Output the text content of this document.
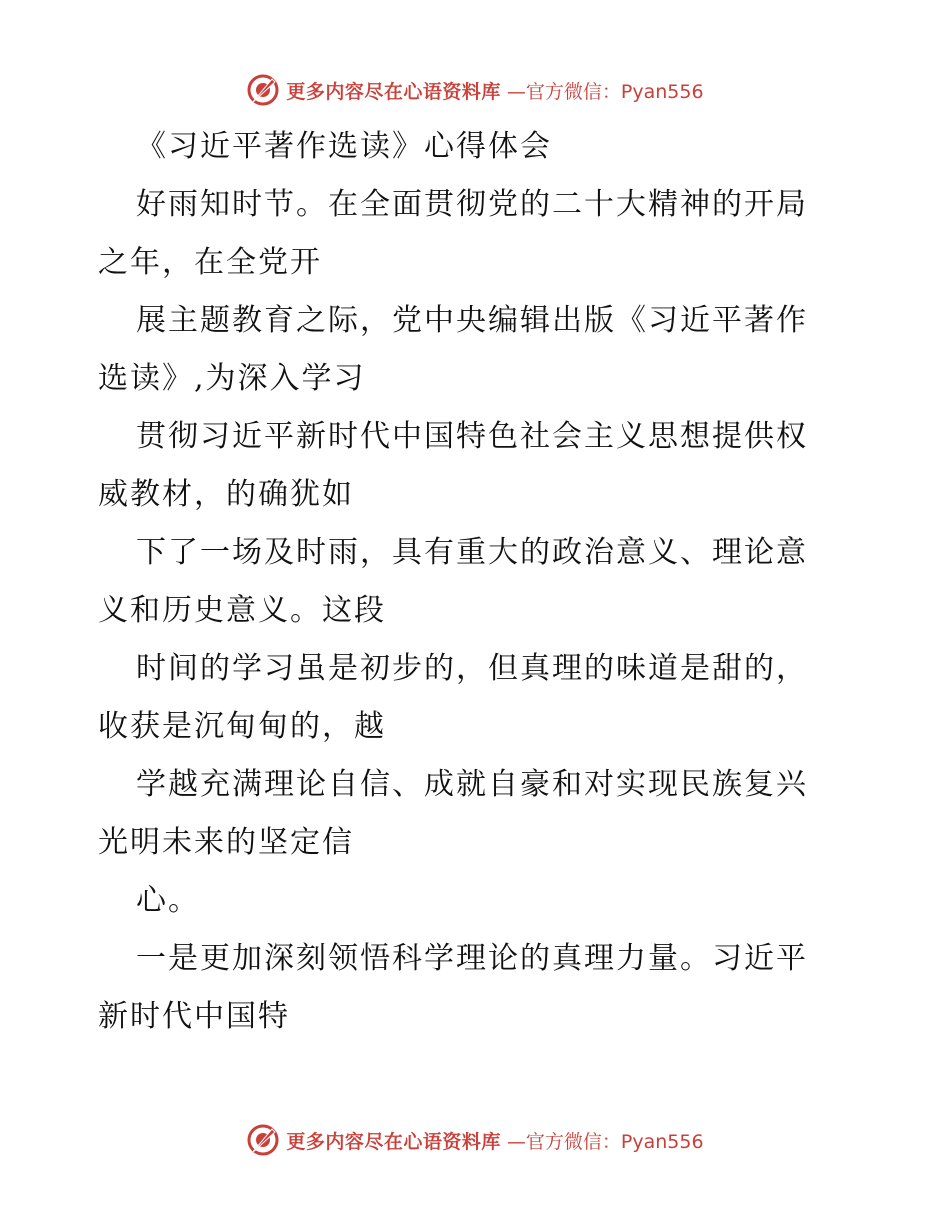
更多内容尽在心语资料库 —官方微信：Pyan556
《习近平著作选读》心得体会
好雨知时节。在全面贯彻党的二十大精神的开局
之年，在全党开
展主题教育之际，党中央编辑出版《习近平著作
选读》,为深入学习
贯彻习近平新时代中国特色社会主义思想提供权
威教材，的确犹如
下了一场及时雨，具有重大的政治意义、理论意
义和历史意义。这段
时间的学习虽是初步的，但真理的味道是甜的，
收获是沉甸甸的，越
学越充满理论自信、成就自豪和对实现民族复兴
光明未来的坚定信
心。
一是更加深刻领悟科学理论的真理力量。习近平
新时代中国特
更多内容尽在心语资料库 —官方微信：Pyan556
